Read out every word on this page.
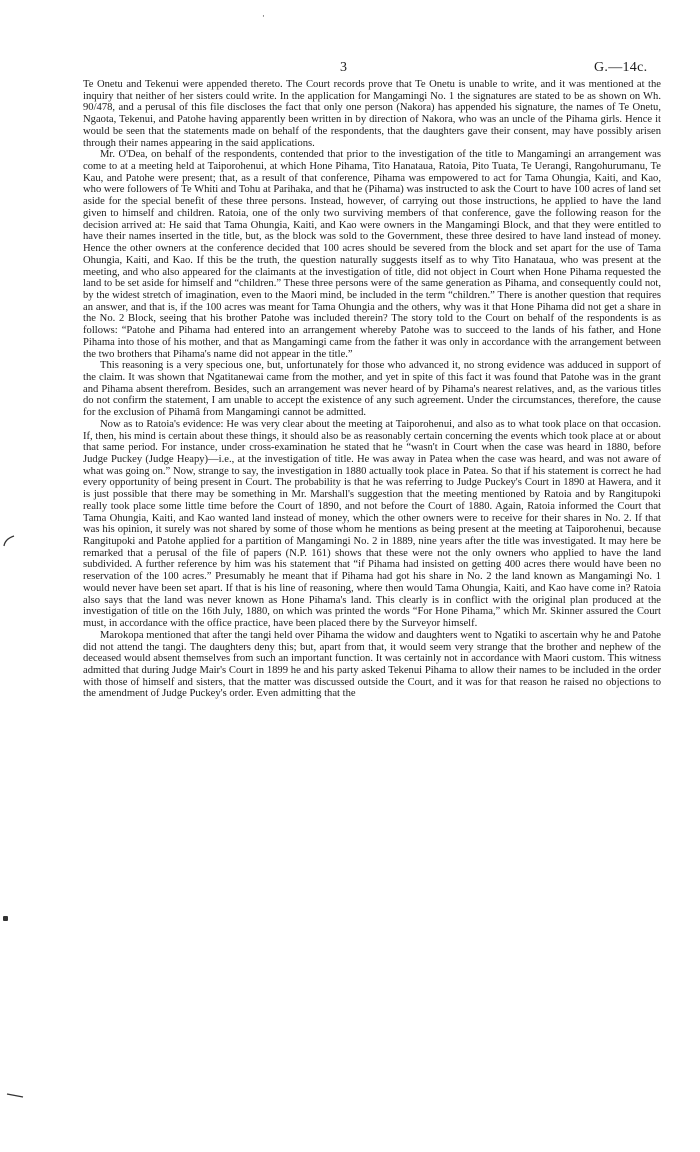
3	G.—14c.
·

Te Onetu and Tekenui were appended thereto. The Court records prove that Te Onetu is unable to write, and it was mentioned at the inquiry that neither of her sisters could write. In the application for Mangamingi No. 1 the signatures are stated to be as shown on Wh. 90/478, and a perusal of this file discloses the fact that only one person (Nakora) has appended his signature, the names of Te Onetu, Ngaota, Tekenui, and Patohe having apparently been written in by direction of Nakora, who was an uncle of the Pihama girls. Hence it would be seen that the statements made on behalf of the respondents, that the daughters gave their consent, may have possibly arisen through their names appearing in the said applications.

Mr. O'Dea, on behalf of the respondents, contended that prior to the investigation of the title to Mangamingi an arrangement was come to at a meeting held at Taiporohenui, at which Hone Pihama, Tito Hanataua, Ratoia, Pito Tuata, Te Uerangi, Rangohurumanu, Te Kau, and Patohe were present; that, as a result of that conference, Pihama was empowered to act for Tama Ohungia, Kaiti, and Kao, who were followers of Te Whiti and Tohu at Parihaka, and that he (Pihama) was instructed to ask the Court to have 100 acres of land set aside for the special benefit of these three persons. Instead, however, of carrying out those instructions, he applied to have the land given to himself and children. Ratoia, one of the only two surviving members of that conference, gave the following reason for the decision arrived at: He said that Tama Ohungia, Kaiti, and Kao were owners in the Mangamingi Block, and that they were entitled to have their names inserted in the title, but, as the block was sold to the Government, these three desired to have land instead of money. Hence the other owners at the conference decided that 100 acres should be severed from the block and set apart for the use of Tama Ohungia, Kaiti, and Kao. If this be the truth, the question naturally suggests itself as to why Tito Hanataua, who was present at the meeting, and who also appeared for the claimants at the investigation of title, did not object in Court when Hone Pihama requested the land to be set aside for himself and “children.” These three persons were of the same generation as Pihama, and consequently could not, by the widest stretch of imagination, even to the Maori mind, be included in the term “children.” There is another question that requires an answer, and that is, if the 100 acres was meant for Tama Ohungia and the others, why was it that Hone Pihama did not get a share in the No. 2 Block, seeing that his brother Patohe was included therein? The story told to the Court on behalf of the respondents is as follows: “Patohe and Pihama had entered into an arrangement whereby Patohe was to succeed to the lands of his father, and Hone Pihama into those of his mother, and that as Mangamingi came from the father it was only in accordance with the arrangement between the two brothers that Pihama's name did not appear in the title.”

This reasoning is a very specious one, but, unfortunately for those who advanced it, no strong evidence was adduced in support of the claim. It was shown that Ngatitanewai came from the mother, and yet in spite of this fact it was found that Patohe was in the grant and Pihama absent therefrom. Besides, such an arrangement was never heard of by Pihama's nearest relatives, and, as the various titles do not confirm the statement, I am unable to accept the existence of any such agreement. Under the circumstances, therefore, the cause for the exclusion of Pihamâ from Mangamingi cannot be admitted.

Now as to Ratoia's evidence: He was very clear about the meeting at Taiporohenui, and also as to what took place on that occasion. If, then, his mind is certain about these things, it should also be as reasonably certain concerning the events which took place at or about that same period. For instance, under cross-examination he stated that he “wasn't in Court when the case was heard in 1880, before Judge Puckey (Judge Heapy)—i.e., at the investigation of title. He was away in Patea when the case was heard, and was not aware of what was going on.” Now, strange to say, the investigation in 1880 actually took place in Patea. So that if his statement is correct he had every opportunity of being present in Court. The probability is that he was referring to Judge Puckey's Court in 1890 at Hawera, and it is just possible that there may be something in Mr. Marshall's suggestion that the meeting mentioned by Ratoia and by Rangitupoki really took place some little time before the Court of 1890, and not before the Court of 1880. Again, Ratoia informed the Court that Tama Ohungia, Kaiti, and Kao wanted land instead of money, which the other owners were to receive for their shares in No. 2. If that was his opinion, it surely was not shared by some of those whom he mentions as being present at the meeting at Taiporohenui, because Rangitupoki and Patohe applied for a partition of Mangamingi No. 2 in 1889, nine years after the title was investigated. It may here be remarked that a perusal of the file of papers (N.P. 161) shows that these were not the only owners who applied to have the land subdivided. A further reference by him was his statement that “if Pihama had insisted on getting 400 acres there would have been no reservation of the 100 acres.” Presumably he meant that if Pihama had got his share in No. 2 the land known as Mangamingi No. 1 would never have been set apart. If that is his line of reasoning, where then would Tama Ohungia, Kaiti, and Kao have come in? Ratoia also says that the land was never known as Hone Pihama's land. This clearly is in conflict with the original plan produced at the investigation of title on the 16th July, 1880, on which was printed the words “For Hone Pihama,” which Mr. Skinner assured the Court must, in accordance with the office practice, have been placed there by the Surveyor himself.

Marokopa mentioned that after the tangi held over Pihama the widow and daughters went to Ngatiki to ascertain why he and Patohe did not attend the tangi. The daughters deny this; but, apart from that, it would seem very strange that the brother and nephew of the deceased would absent themselves from such an important function. It was certainly not in accordance with Maori custom. This witness admitted that during Judge Mair's Court in 1899 he and his party asked Tekenui Pihama to allow their names to be included in the order with those of himself and sisters, that the matter was discussed outside the Court, and it was for that reason he raised no objections to the amendment of Judge Puckey's order. Even admitting that the
